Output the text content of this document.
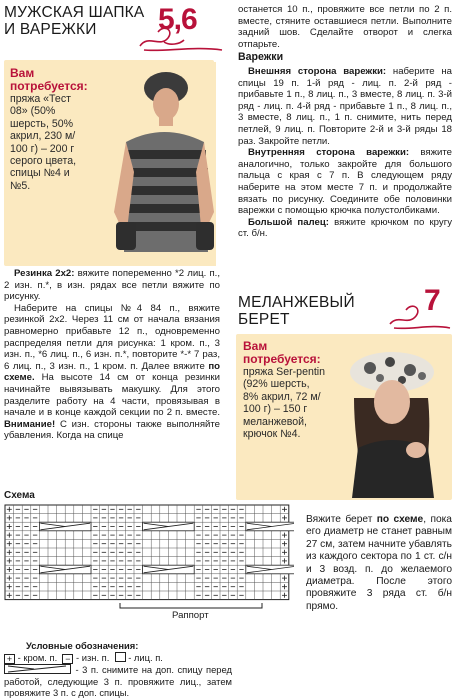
МУЖСКАЯ ШАПКА
И ВАРЕЖКИ	5,6
Вам потребуется:
пряжа «Тест 08» (50% шерсть, 50% акрил, 230 м/ 100 г) – 200 г серого цвета, спицы №4 и №5.
Резинка 2х2: вяжите попеременно *2 лиц. п., 2 изн. п.*, в изн. рядах все петли вяжите по рисунку.
Наберите на спицы №4 84 п., вяжите резинкой 2х2. Через 11 см от начала вязания равномерно прибавьте 12 п., одновременно распределяя петли для рисунка: 1 кром. п., 3 изн. п., *6 лиц. п., 6 изн. п.*, повторите *-* 7 раз, 6 лиц. п., 3 изн. п., 1 кром. п. Далее вяжите по схеме. На высоте 14 см от конца резинки начинайте вывязывать макушку. Для этого разделите работу на 4 части, провязывая в начале и в конце каждой секции по 2 п. вместе. Внимание! С изн. стороны также выполняйте убавления. Когда на спице
останется 10 п., провяжите все петли по 2 п. вместе, стяните оставшиеся петли. Выполните задний шов. Сделайте отворот и слегка отпарьте.
Варежки
Внешняя сторона варежки: наберите на спицы 19 п. 1-й ряд - лиц. п. 2-й ряд - прибавьте 1 п., 8 лиц. п., 3 вместе, 8 лиц. п. 3-й ряд - лиц. п. 4-й ряд - прибавьте 1 п., 8 лиц. п., 3 вместе, 8 лиц. п., 1 п. снимите, нить перед петлей, 9 лиц. п. Повторите 2-й и 3-й ряды 18 раз. Закройте петли.
Внутренняя сторона варежки: вяжите аналогично, только закройте для большого пальца с края с 7 п. В следующем ряду наберите на этом месте 7 п. и продолжайте вязать по рисунку. Соедините обе половинки варежки с помощью крючка полустолбиками.
Большой палец: вяжите крючком по кругу ст. б/н.
МЕЛАНЖЕВЫЙ
БЕРЕТ
7
Вам потребуется:
пряжа Ser-pentin (92% шерсть, 8% акрил, 72 м/ 100 г) – 150 г меланжевой, крючок №4.
Вяжите берет по схеме, пока его диаметр не станет равным 27 см, затем начните убавлять из каждого сектора по 1 ст. с/н и 3 возд. п. до желаемого диаметра. После этого провяжите 3 ряда ст. б/н прямо.
Схема
Раппорт
Условные обозначения:
+ - кром. п. − - изн. п. - лиц. п.
- 3 п. снимите на доп. спицу перед работой, следующие 3 п. провяжите лиц., затем провяжите 3 п. с доп. спицы.
